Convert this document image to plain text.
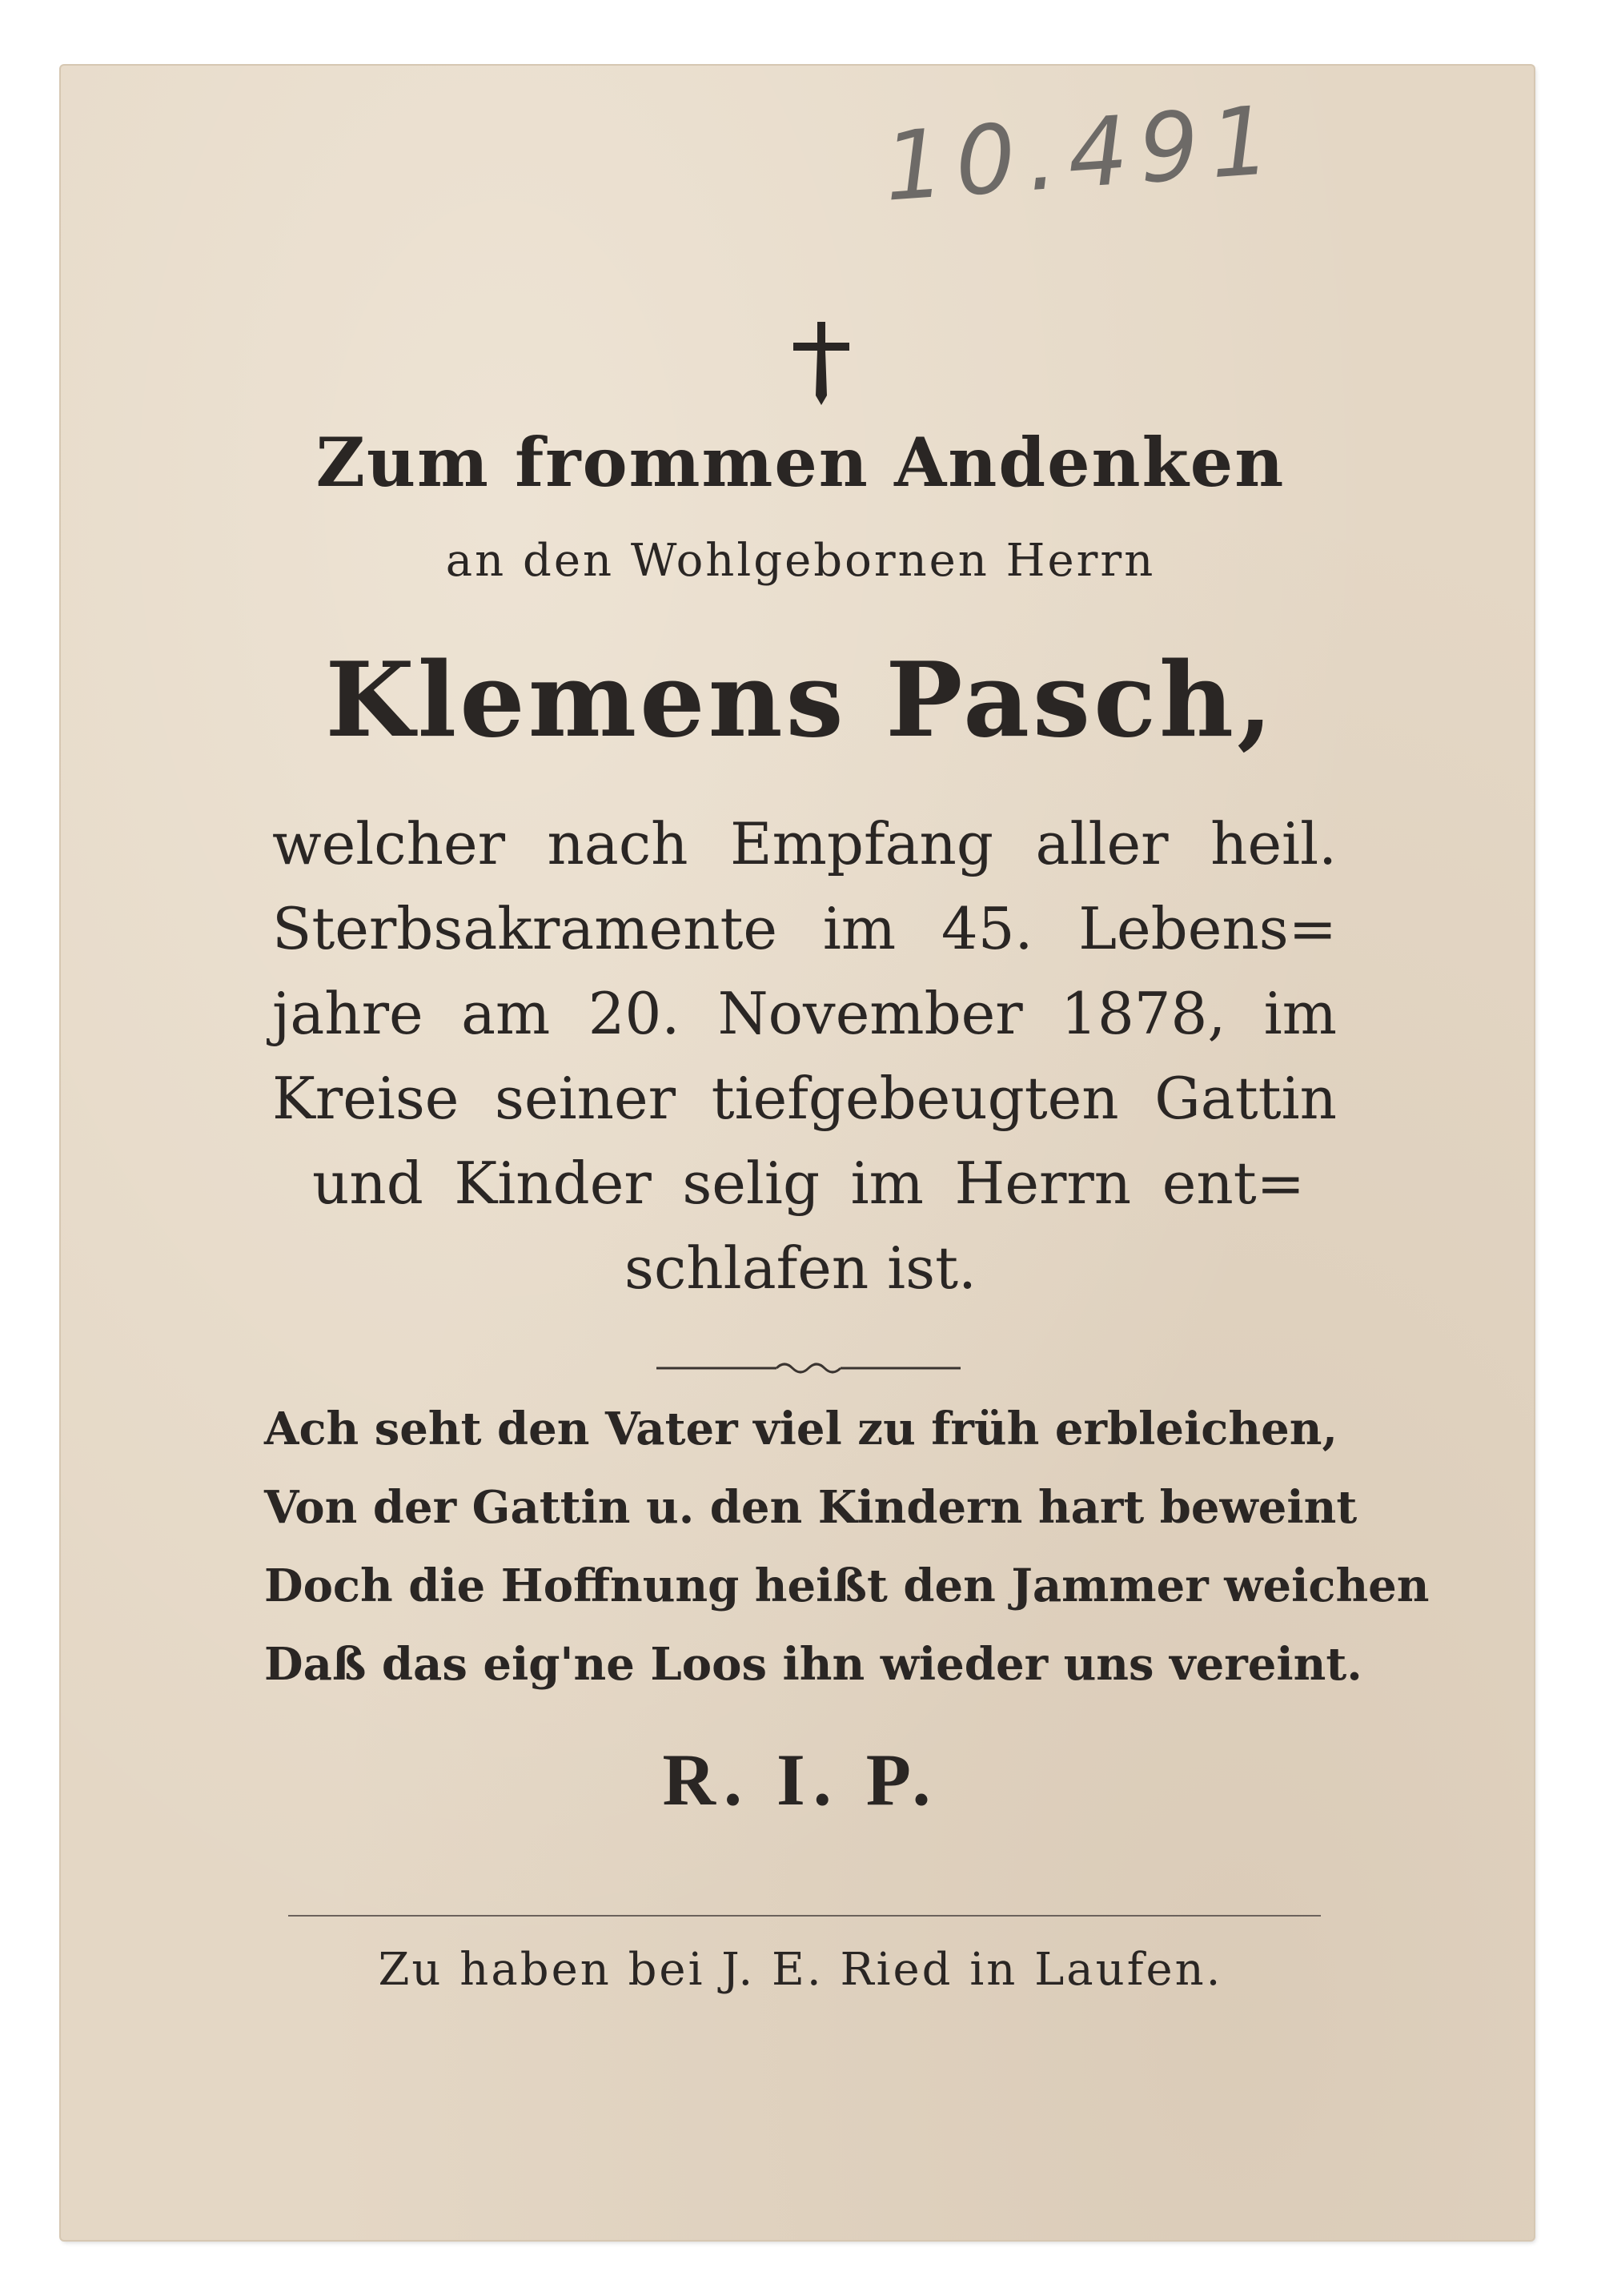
10.491
Zum frommen Andenken
an den Wohlgebornen Herrn
Klemens Pasch,
welcher nach Empfang aller heil.
Sterbsakramente im 45. Lebens=
jahre am 20. November 1878, im
Kreise seiner tiefgebeugten Gattin
und Kinder selig im Herrn ent=
schlafen ist.
Ach seht den Vater viel zu früh erbleichen,
Von der Gattin u. den Kindern hart beweint
Doch die Hoffnung heißt den Jammer weichen
Daß das eig'ne Loos ihn wieder uns vereint.
R. I. P.
Zu haben bei J. E. Ried in Laufen.
